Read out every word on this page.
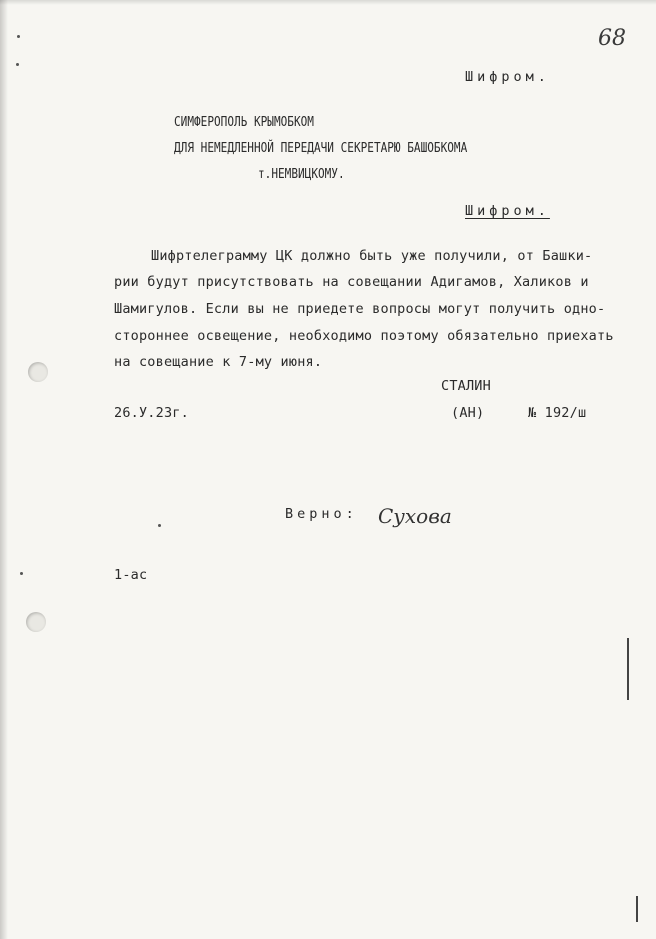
68
Шифром.
СИМФЕРОПОЛЬ КРЫМОБКОМ
ДЛЯ НЕМЕДЛЕННОЙ ПЕРЕДАЧИ СЕКРЕТАРЮ БАШОБКОМА
т.НЕМВИЦКОМУ.
Шифром.
Шифртелеграмму ЦК должно быть уже получили, от Башки-
рии будут присутствовать на совещании Адигамов, Халиков и
Шамигулов. Если вы не приедете вопросы могут получить одно-
стороннее освещение, необходимо поэтому обязательно приехать
на совещание к 7-му июня.
СТАЛИН
26.У.23г.	(АН)	№ 192/ш
Верно: Сухова
1-ас
